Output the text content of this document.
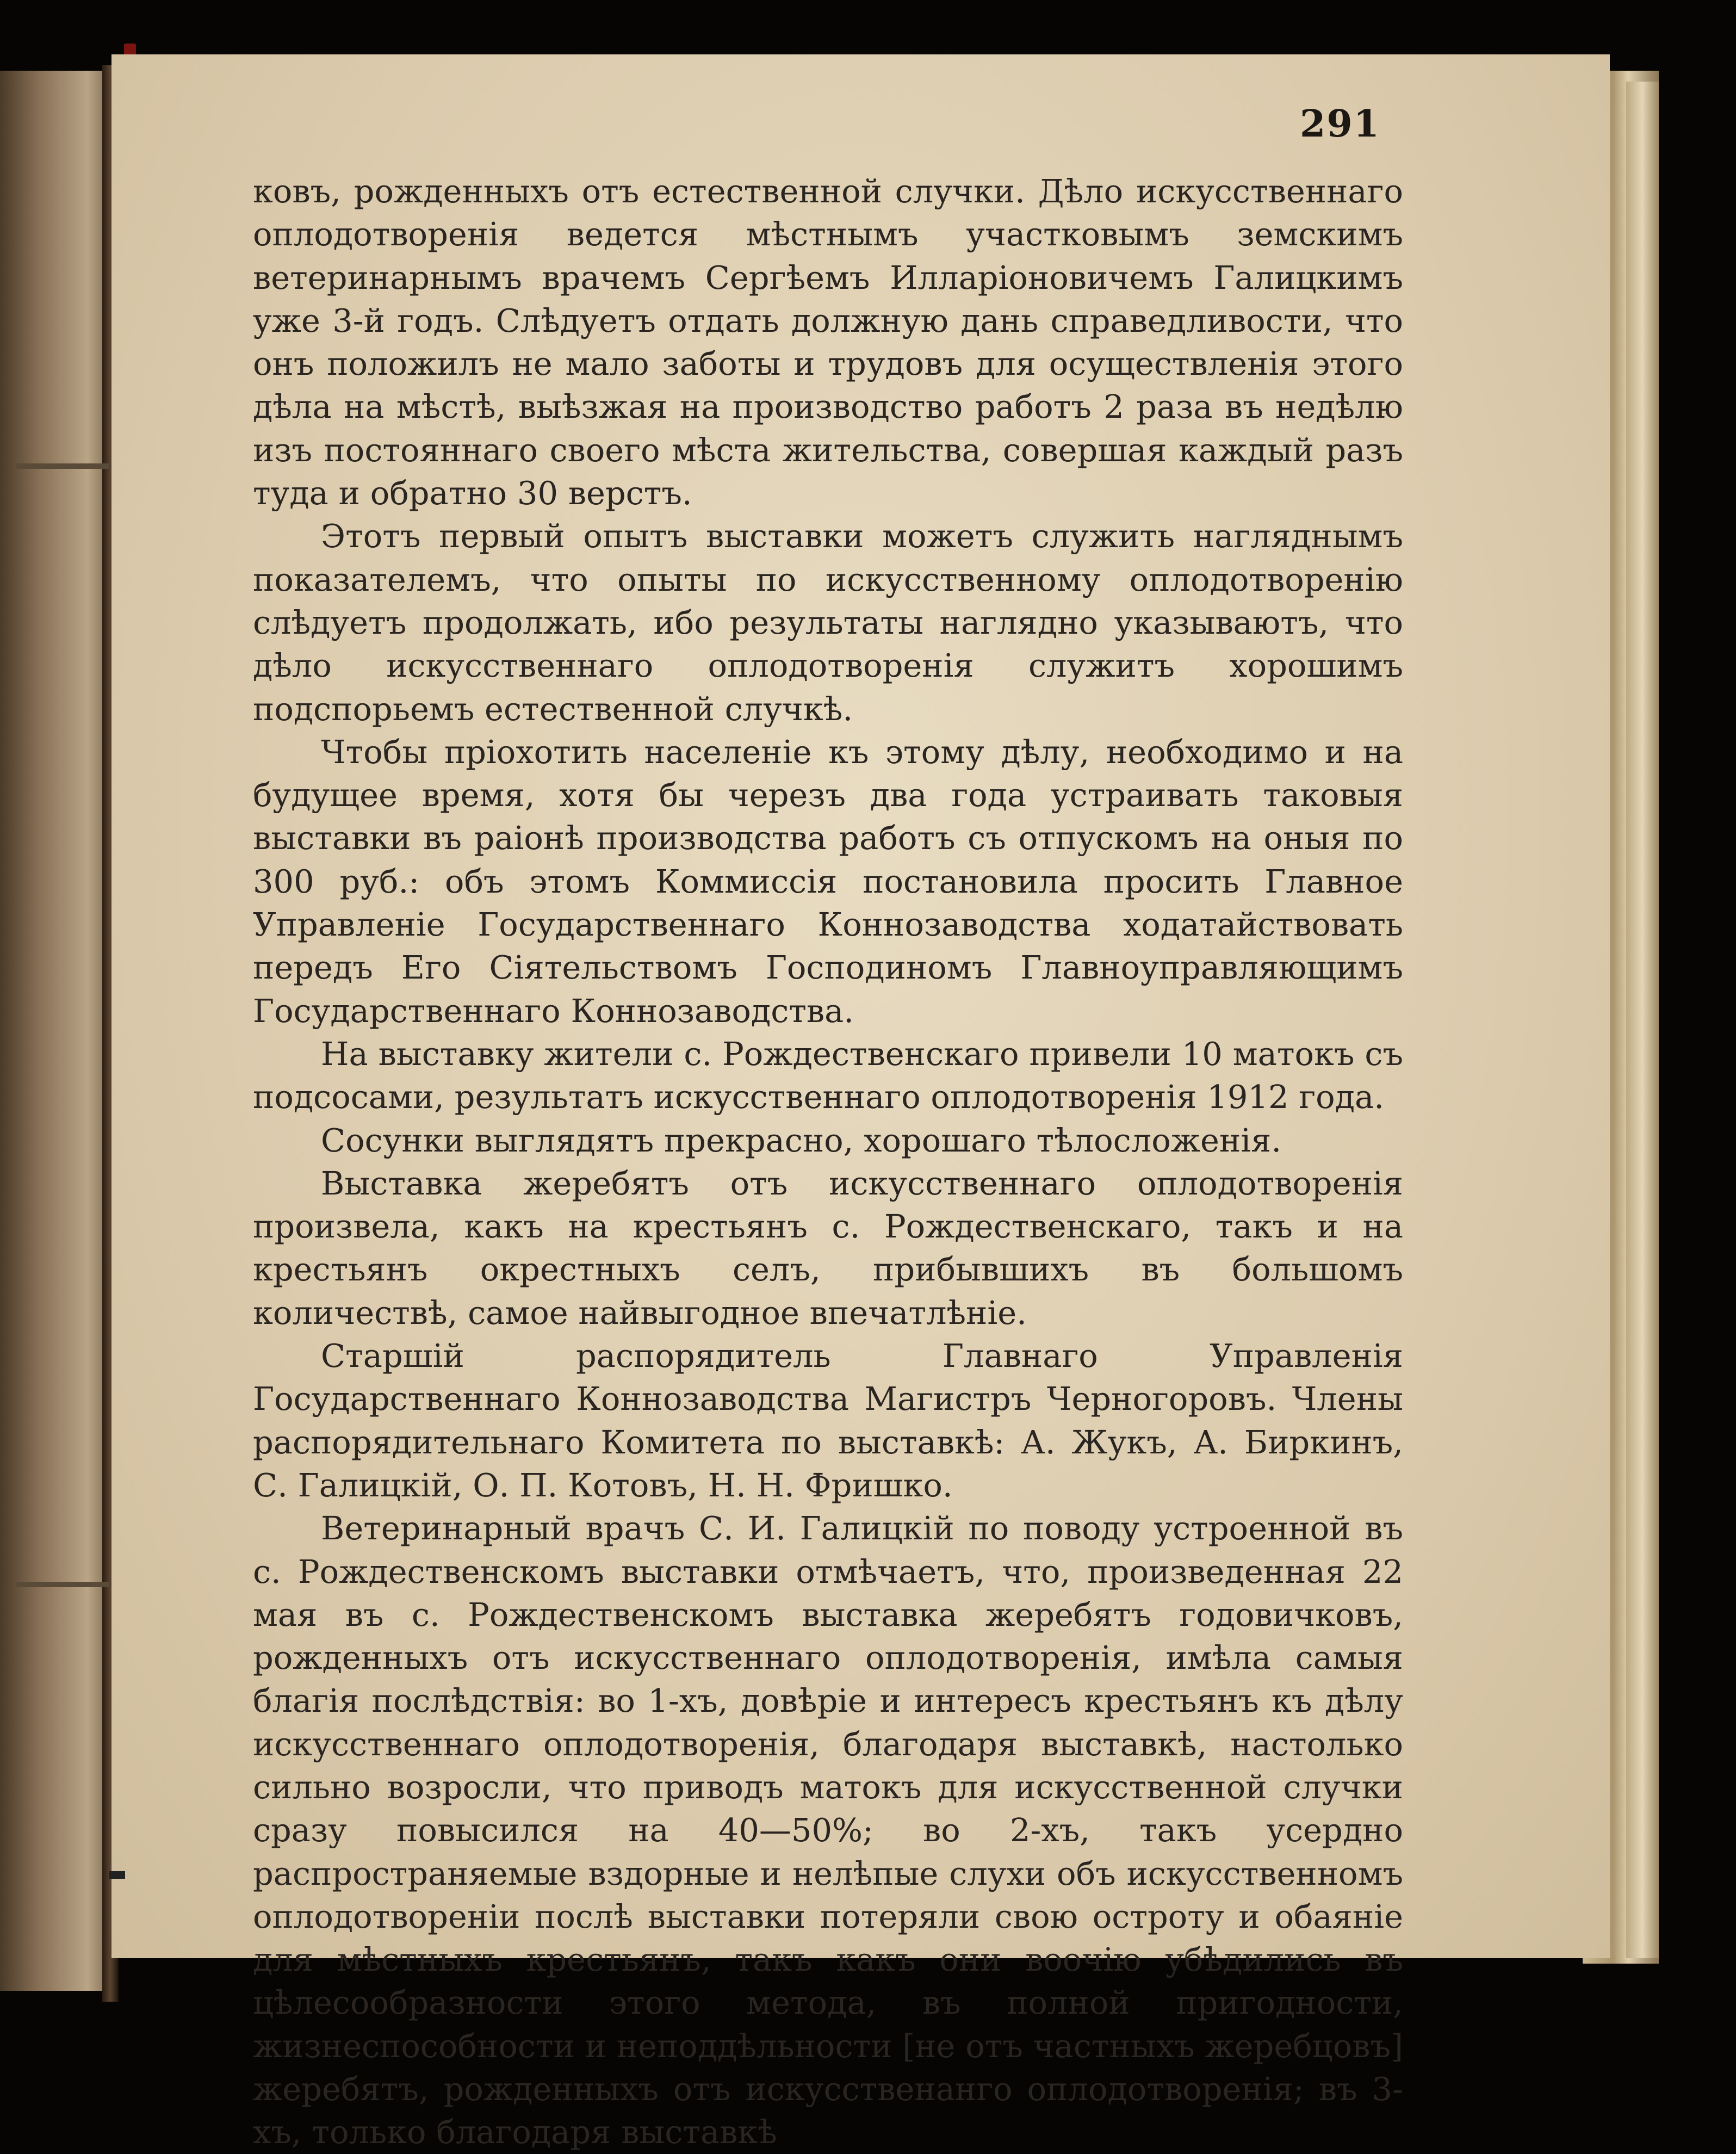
291

ковъ, рожденныхъ отъ естественной случки. Дѣло искусственнаго оплодотворенія ведется мѣстнымъ участковымъ земскимъ ветеринарнымъ врачемъ Сергѣемъ Илларіоновичемъ Галицкимъ уже 3-й годъ. Слѣдуетъ отдать должную дань справедливости, что онъ положилъ не мало заботы и трудовъ для осуществленія этого дѣла на мѣстѣ, выѣзжая на производство работъ 2 раза въ недѣлю изъ постояннаго своего мѣста жительства, совершая каждый разъ туда и обратно 30 верстъ.

Этотъ первый опытъ выставки можетъ служить нагляднымъ показателемъ, что опыты по искусственному оплодотворенію слѣдуетъ продолжать, ибо результаты наглядно указываютъ, что дѣло искусственнаго оплодотворенія служитъ хорошимъ подспорьемъ естественной случкѣ.

Чтобы пріохотить населеніе къ этому дѣлу, необходимо и на будущее время, хотя бы черезъ два года устраивать таковыя выставки въ раіонѣ производства работъ съ отпускомъ на оныя по 300 руб.: объ этомъ Коммиссія постановила просить Главное Управленіе Государственнаго Коннозаводства ходатайствовать передъ Его Сіятельствомъ Господиномъ Главноуправляющимъ Государственнаго Коннозаводства.

На выставку жители с. Рождественскаго привели 10 матокъ съ подсосами, результатъ искусственнаго оплодотворенія 1912 года.

Сосунки выглядятъ прекрасно, хорошаго тѣлосложенія.

Выставка жеребятъ отъ искусственнаго оплодотворенія произвела, какъ на крестьянъ с. Рождественскаго, такъ и на крестьянъ окрестныхъ селъ, прибывшихъ въ большомъ количествѣ, самое найвыгодное впечатлѣніе.

Старшій распорядитель Главнаго Управленія Государственнаго Коннозаводства Магистръ Черногоровъ. Члены распорядительнаго Комитета по выставкѣ: А. Жукъ, А. Биркинъ, С. Галицкій, О. П. Котовъ, Н. Н. Фришко.

Ветеринарный врачъ С. И. Галицкій по поводу устроенной въ с. Рождественскомъ выставки отмѣчаетъ, что, произведенная 22 мая въ с. Рождественскомъ выставка жеребятъ годовичковъ, рожденныхъ отъ искусственнаго оплодотворенія, имѣла самыя благія послѣдствія: во 1-хъ, довѣріе и интересъ крестьянъ къ дѣлу искусственнаго оплодотворенія, благодаря выставкѣ, настолько сильно возросли, что приводъ матокъ для искусственной случки сразу повысился на 40—50%; во 2-хъ, такъ усердно распространяемые вздорные и нелѣпые слухи объ искусственномъ оплодотвореніи послѣ выставки потеряли свою остроту и обаяніе для мѣстныхъ крестьянъ, такъ какъ они воочію убѣдились въ цѣлесообразности этого метода, въ полной пригодности, жизнеспособности и неподдѣльности [не отъ частныхъ жеребцовъ] жеребятъ, рожденныхъ отъ искусственанго оплодотворенія; въ 3-хъ, только благодаря выставкѣ
